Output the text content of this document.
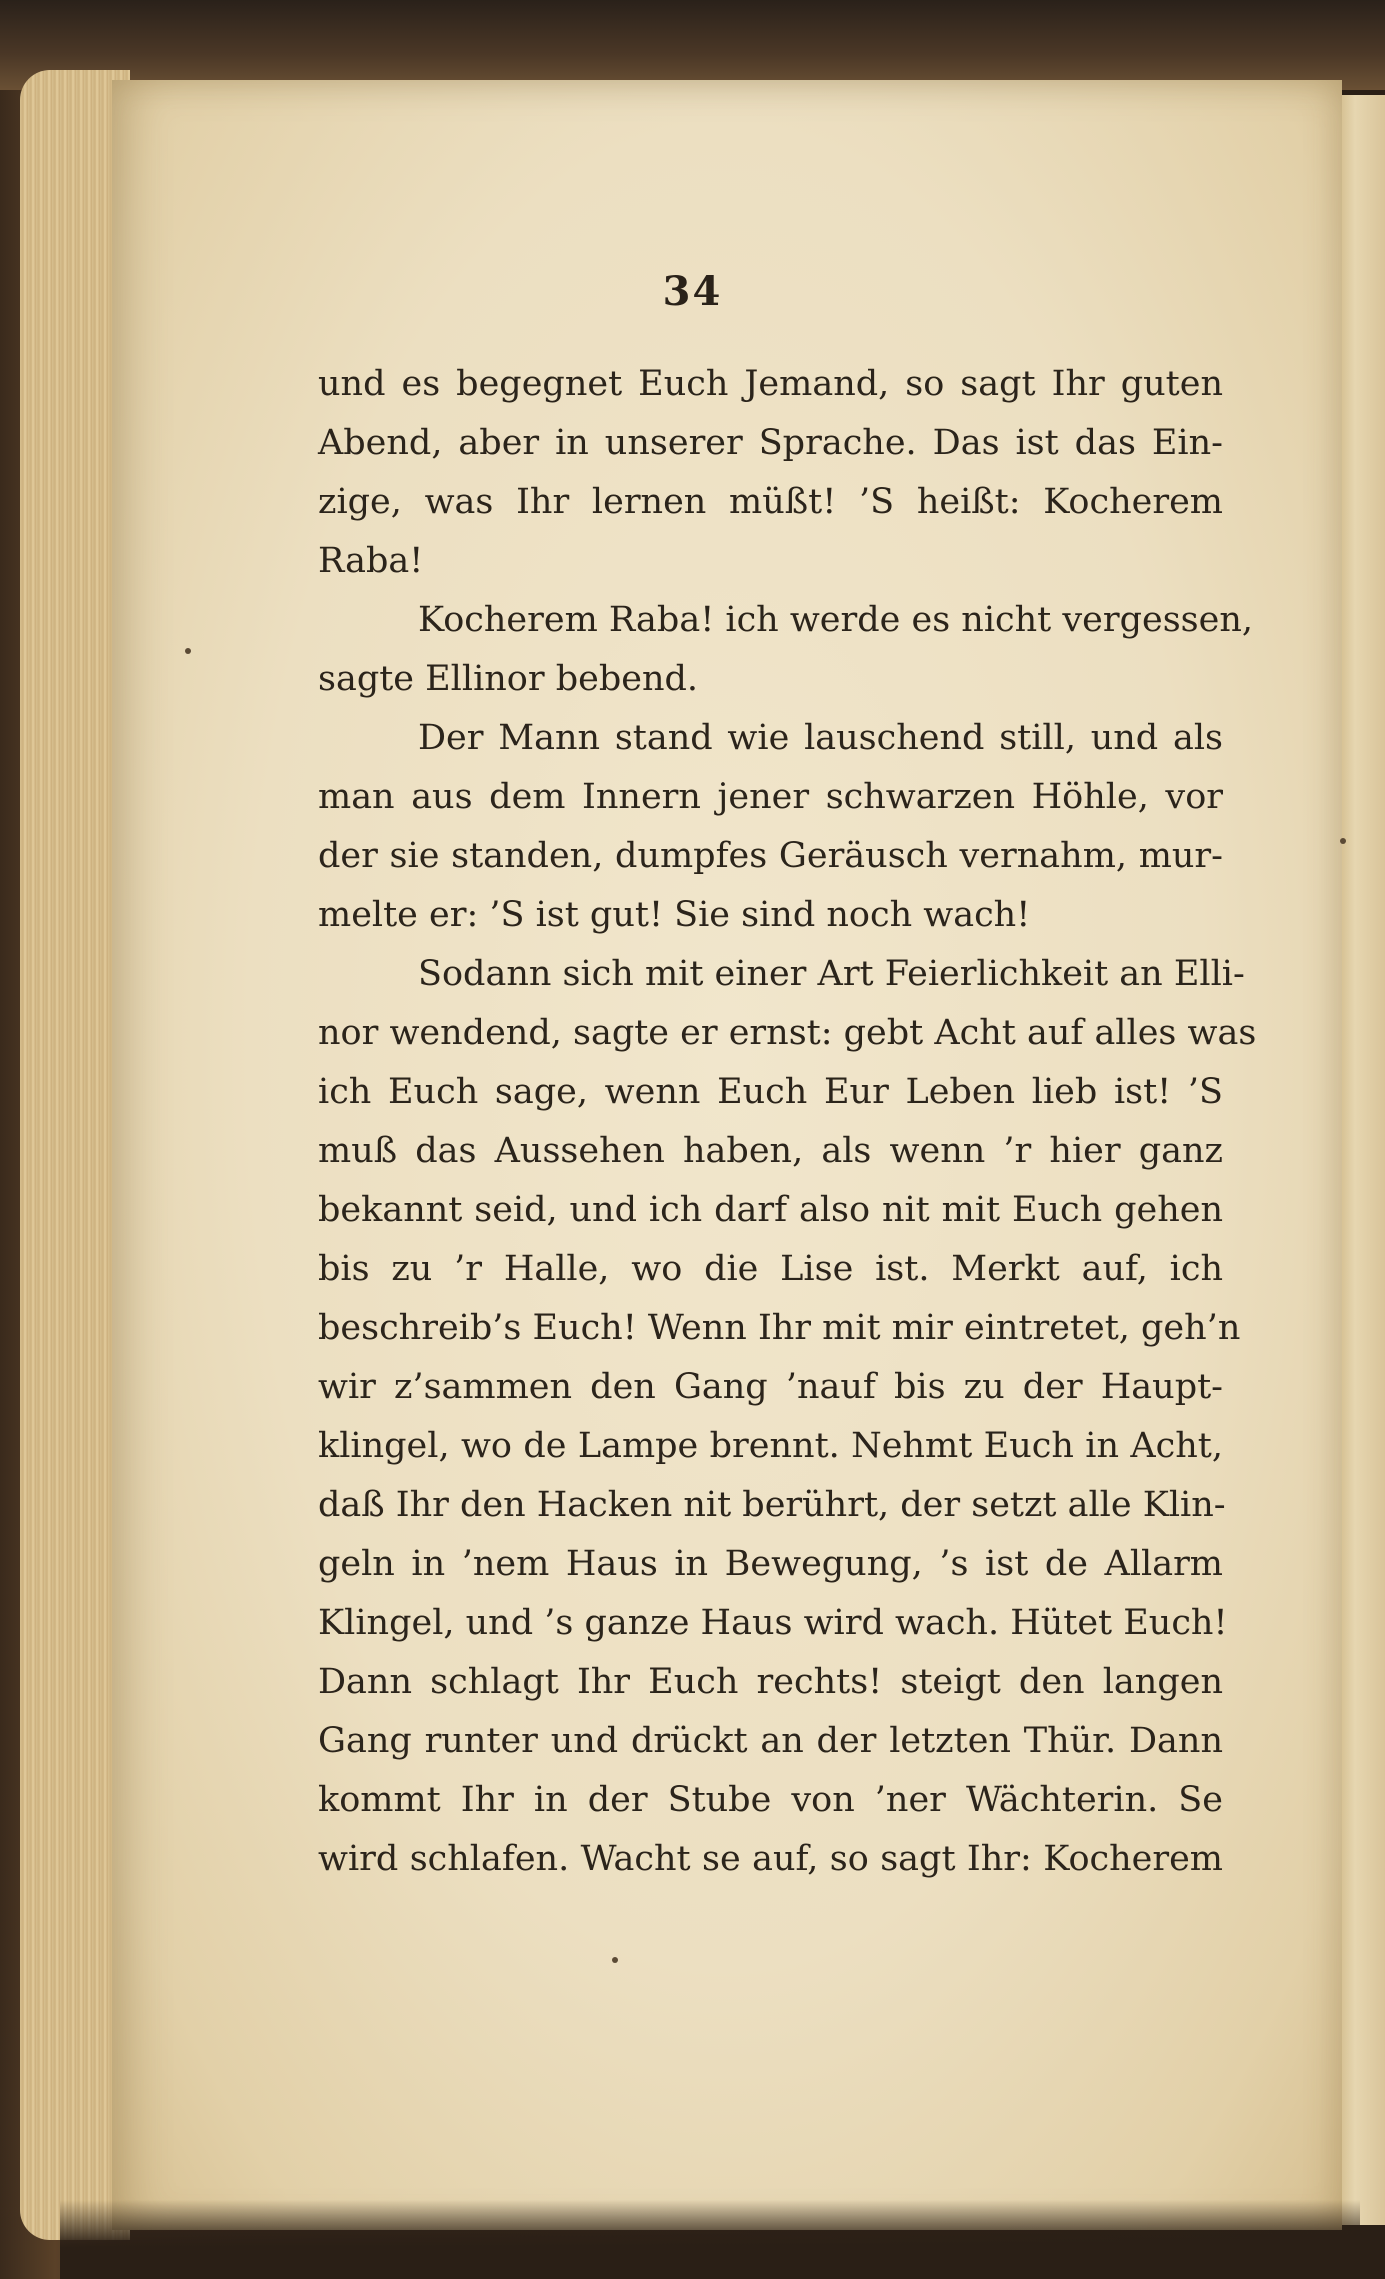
34
und es begegnet Euch Jemand, so sagt Ihr guten
Abend, aber in unserer Sprache. Das ist das Ein-
zige, was Ihr lernen müßt! ’S heißt: Kocherem
Raba!
Kocherem Raba! ich werde es nicht vergessen,
sagte Ellinor bebend.
Der Mann stand wie lauschend still, und als
man aus dem Innern jener schwarzen Höhle, vor
der sie standen, dumpfes Geräusch vernahm, mur-
melte er: ’S ist gut! Sie sind noch wach!
Sodann sich mit einer Art Feierlichkeit an Elli-
nor wendend, sagte er ernst: gebt Acht auf alles was
ich Euch sage, wenn Euch Eur Leben lieb ist! ’S
muß das Aussehen haben, als wenn ’r hier ganz
bekannt seid, und ich darf also nit mit Euch gehen
bis zu ’r Halle, wo die Lise ist. Merkt auf, ich
beschreib’s Euch! Wenn Ihr mit mir eintretet, geh’n
wir z’sammen den Gang ’nauf bis zu der Haupt-
klingel, wo de Lampe brennt. Nehmt Euch in Acht,
daß Ihr den Hacken nit berührt, der setzt alle Klin-
geln in ’nem Haus in Bewegung, ’s ist de Allarm
Klingel, und ’s ganze Haus wird wach. Hütet Euch!
Dann schlagt Ihr Euch rechts! steigt den langen
Gang runter und drückt an der letzten Thür. Dann
kommt Ihr in der Stube von ’ner Wächterin. Se
wird schlafen. Wacht se auf, so sagt Ihr: Kocherem
